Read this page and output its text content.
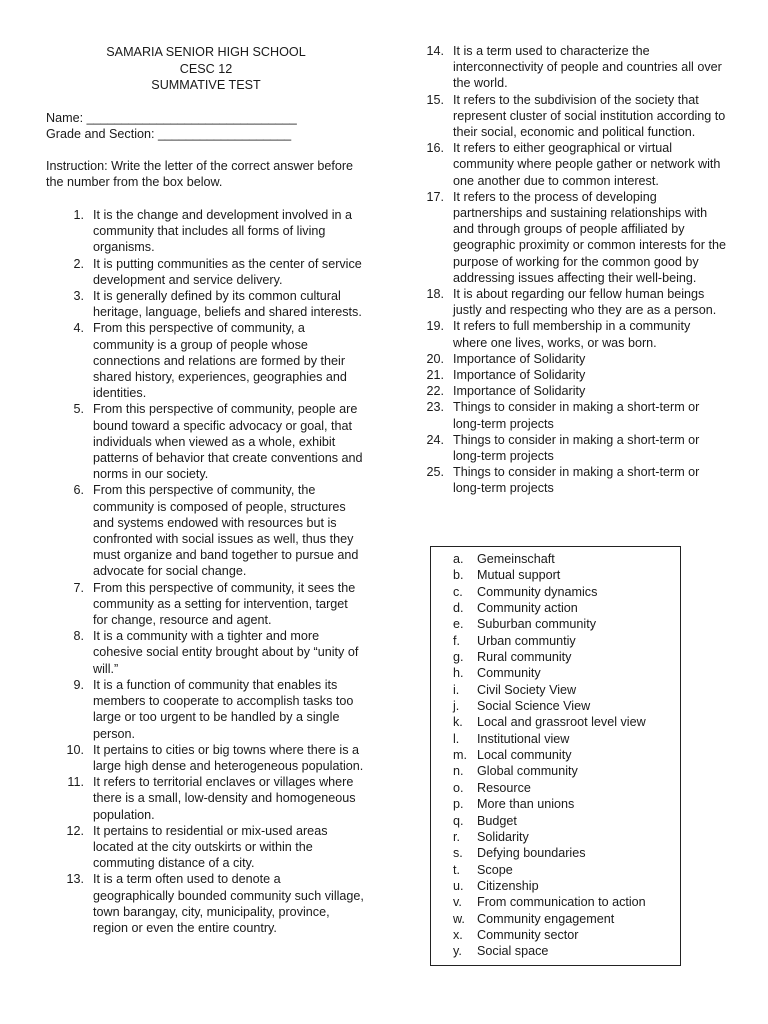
SAMARIA SENIOR HIGH SCHOOL
CESC 12
SUMMATIVE TEST
Name: ______________________________
Grade and Section: ___________________
Instruction: Write the letter of the correct answer before the number from the box below.
1. It is the change and development involved in a community that includes all forms of living organisms.
2. It is putting communities as the center of service development and service delivery.
3. It is generally defined by its common cultural heritage, language, beliefs and shared interests.
4. From this perspective of community, a community is a group of people whose connections and relations are formed by their shared history, experiences, geographies and identities.
5. From this perspective of community, people are bound toward a specific advocacy or goal, that individuals when viewed as a whole, exhibit patterns of behavior that create conventions and norms in our society.
6. From this perspective of community, the community is composed of people, structures and systems endowed with resources but is confronted with social issues as well, thus they must organize and band together to pursue and advocate for social change.
7. From this perspective of community, it sees the community as a setting for intervention, target for change, resource and agent.
8. It is a community with a tighter and more cohesive social entity brought about by “unity of will.”
9. It is a function of community that enables its members to cooperate to accomplish tasks too large or too urgent to be handled by a single person.
10. It pertains to cities or big towns where there is a large high dense and heterogeneous population.
11. It refers to territorial enclaves or villages where there is a small, low-density and homogeneous population.
12. It pertains to residential or mix-used areas located at the city outskirts or within the commuting distance of a city.
13. It is a term often used to denote a geographically bounded community such village, town barangay, city, municipality, province, region or even the entire country.
14. It is a term used to characterize the interconnectivity of people and countries all over the world.
15. It refers to the subdivision of the society that represent cluster of social institution according to their social, economic and political function.
16. It refers to either geographical or virtual community where people gather or network with one another due to common interest.
17. It refers to the process of developing partnerships and sustaining relationships with and through groups of people affiliated by geographic proximity or common interests for the purpose of working for the common good by addressing issues affecting their well-being.
18. It is about regarding our fellow human beings justly and respecting who they are as a person.
19. It refers to full membership in a community where one lives, works, or was born.
20. Importance of Solidarity
21. Importance of Solidarity
22. Importance of Solidarity
23. Things to consider in making a short-term or long-term projects
24. Things to consider in making a short-term or long-term projects
25. Things to consider in making a short-term or long-term projects
a. Gemeinschaft
b. Mutual support
c. Community dynamics
d. Community action
e. Suburban community
f. Urban communtiy
g. Rural community
h. Community
i. Civil Society View
j. Social Science View
k. Local and grassroot level view
l. Institutional view
m. Local community
n. Global community
o. Resource
p. More than unions
q. Budget
r. Solidarity
s. Defying boundaries
t. Scope
u. Citizenship
v. From communication to action
w. Community engagement
x. Community sector
y. Social space
